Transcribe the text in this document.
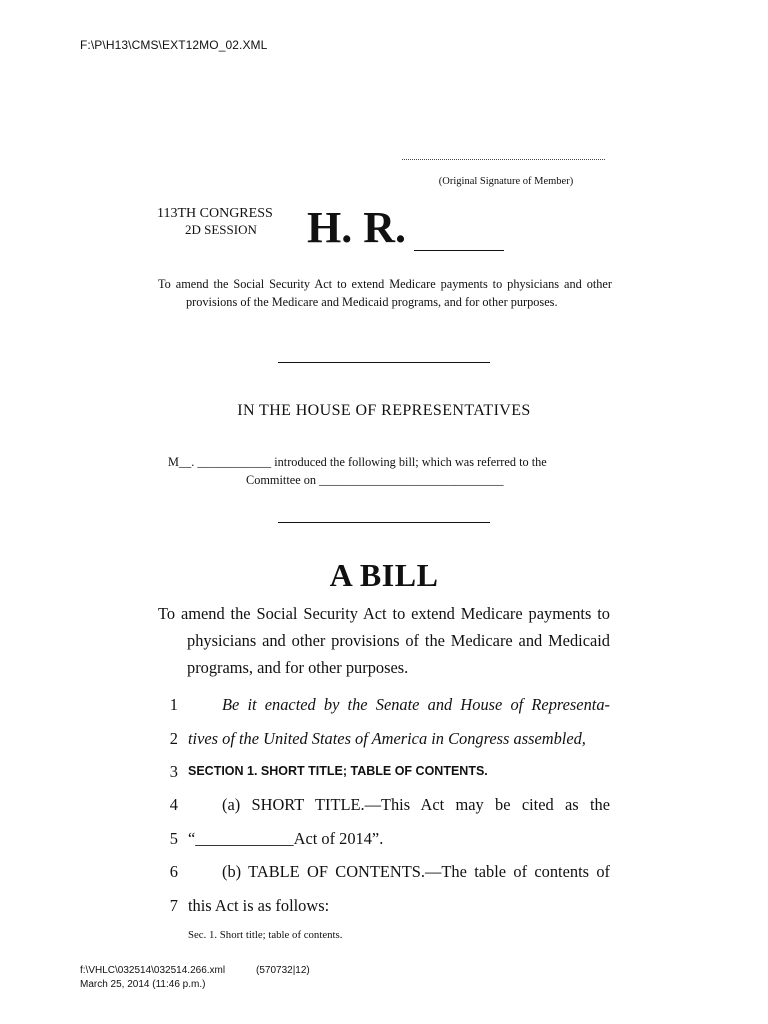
F:\P\H13\CMS\EXT12MO_02.XML
(Original Signature of Member)
113TH CONGRESS
2D SESSION H. R.
To amend the Social Security Act to extend Medicare payments to physicians and other provisions of the Medicare and Medicaid programs, and for other purposes.
IN THE HOUSE OF REPRESENTATIVES
M__. ____________ introduced the following bill; which was referred to the
Committee on ______________________________
A BILL
To amend the Social Security Act to extend Medicare payments to physicians and other provisions of the Medicare and Medicaid programs, and for other purposes.
1	Be it enacted by the Senate and House of Representa-
2 tives of the United States of America in Congress assembled,
3 SECTION 1. SHORT TITLE; TABLE OF CONTENTS.
4	(a) SHORT TITLE.—This Act may be cited as the
5 “____________Act of 2014”.
6	(b) TABLE OF CONTENTS.—The table of contents of
7 this Act is as follows:
Sec. 1. Short title; table of contents.
f:\VHLC\032514\032514.266.xml	(570732|12)
March 25, 2014 (11:46 p.m.)
